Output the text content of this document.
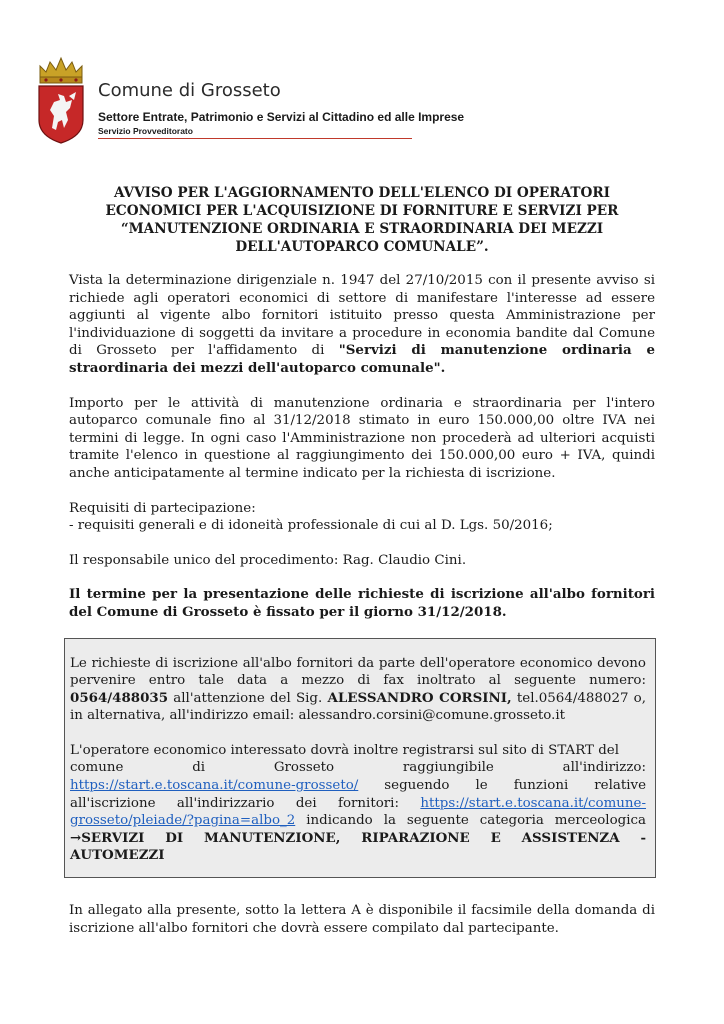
Comune di Grosseto
Settore Entrate, Patrimonio e Servizi al Cittadino ed alle Imprese
Servizio Provveditorato
AVVISO PER L'AGGIORNAMENTO DELL'ELENCO DI OPERATORI ECONOMICI PER L'ACQUISIZIONE DI FORNITURE E SERVIZI PER “MANUTENZIONE ORDINARIA E STRAORDINARIA DEI MEZZI DELL'AUTOPARCO COMUNALE”.
Vista la determinazione dirigenziale n. 1947 del 27/10/2015 con il presente avviso si richiede agli operatori economici di settore di manifestare l'interesse ad essere aggiunti al vigente albo fornitori istituito presso questa Amministrazione per l'individuazione di soggetti da invitare a procedure in economia bandite dal Comune di Grosseto per l'affidamento di "Servizi di manutenzione ordinaria e straordinaria dei mezzi dell'autoparco comunale".
Importo per le attività di manutenzione ordinaria e straordinaria per l'intero autoparco comunale fino al 31/12/2018 stimato in euro 150.000,00 oltre IVA nei termini di legge. In ogni caso l'Amministrazione non procederà ad ulteriori acquisti tramite l'elenco in questione al raggiungimento dei 150.000,00 euro + IVA, quindi anche anticipatamente al termine indicato per la richiesta di iscrizione.
Requisiti di partecipazione:
- requisiti generali e di idoneità professionale di cui al D. Lgs. 50/2016;
Il responsabile unico del procedimento: Rag. Claudio Cini.
Il termine per la presentazione delle richieste di iscrizione all'albo fornitori del Comune di Grosseto è fissato per il giorno 31/12/2018.
Le richieste di iscrizione all'albo fornitori da parte dell'operatore economico devono pervenire entro tale data a mezzo di fax inoltrato al seguente numero: 0564/488035 all'attenzione del Sig. ALESSANDRO CORSINI, tel.0564/488027 o, in alternativa, all'indirizzo email: alessandro.corsini@comune.grosseto.it
L'operatore economico interessato dovrà inoltre registrarsi sul sito di START del
comune di Grosseto raggiungibile all'indirizzo:
https://start.e.toscana.it/comune-grosseto/ seguendo le funzioni relative all'iscrizione all'indirizzario dei fornitori: https://start.e.toscana.it/comune-grosseto/pleiade/?pagina=albo_2 indicando la seguente categoria merceologica →SERVIZI DI MANUTENZIONE, RIPARAZIONE E ASSISTENZA - AUTOMEZZI
In allegato alla presente, sotto la lettera A è disponibile il facsimile della domanda di iscrizione all'albo fornitori che dovrà essere compilato dal partecipante.
